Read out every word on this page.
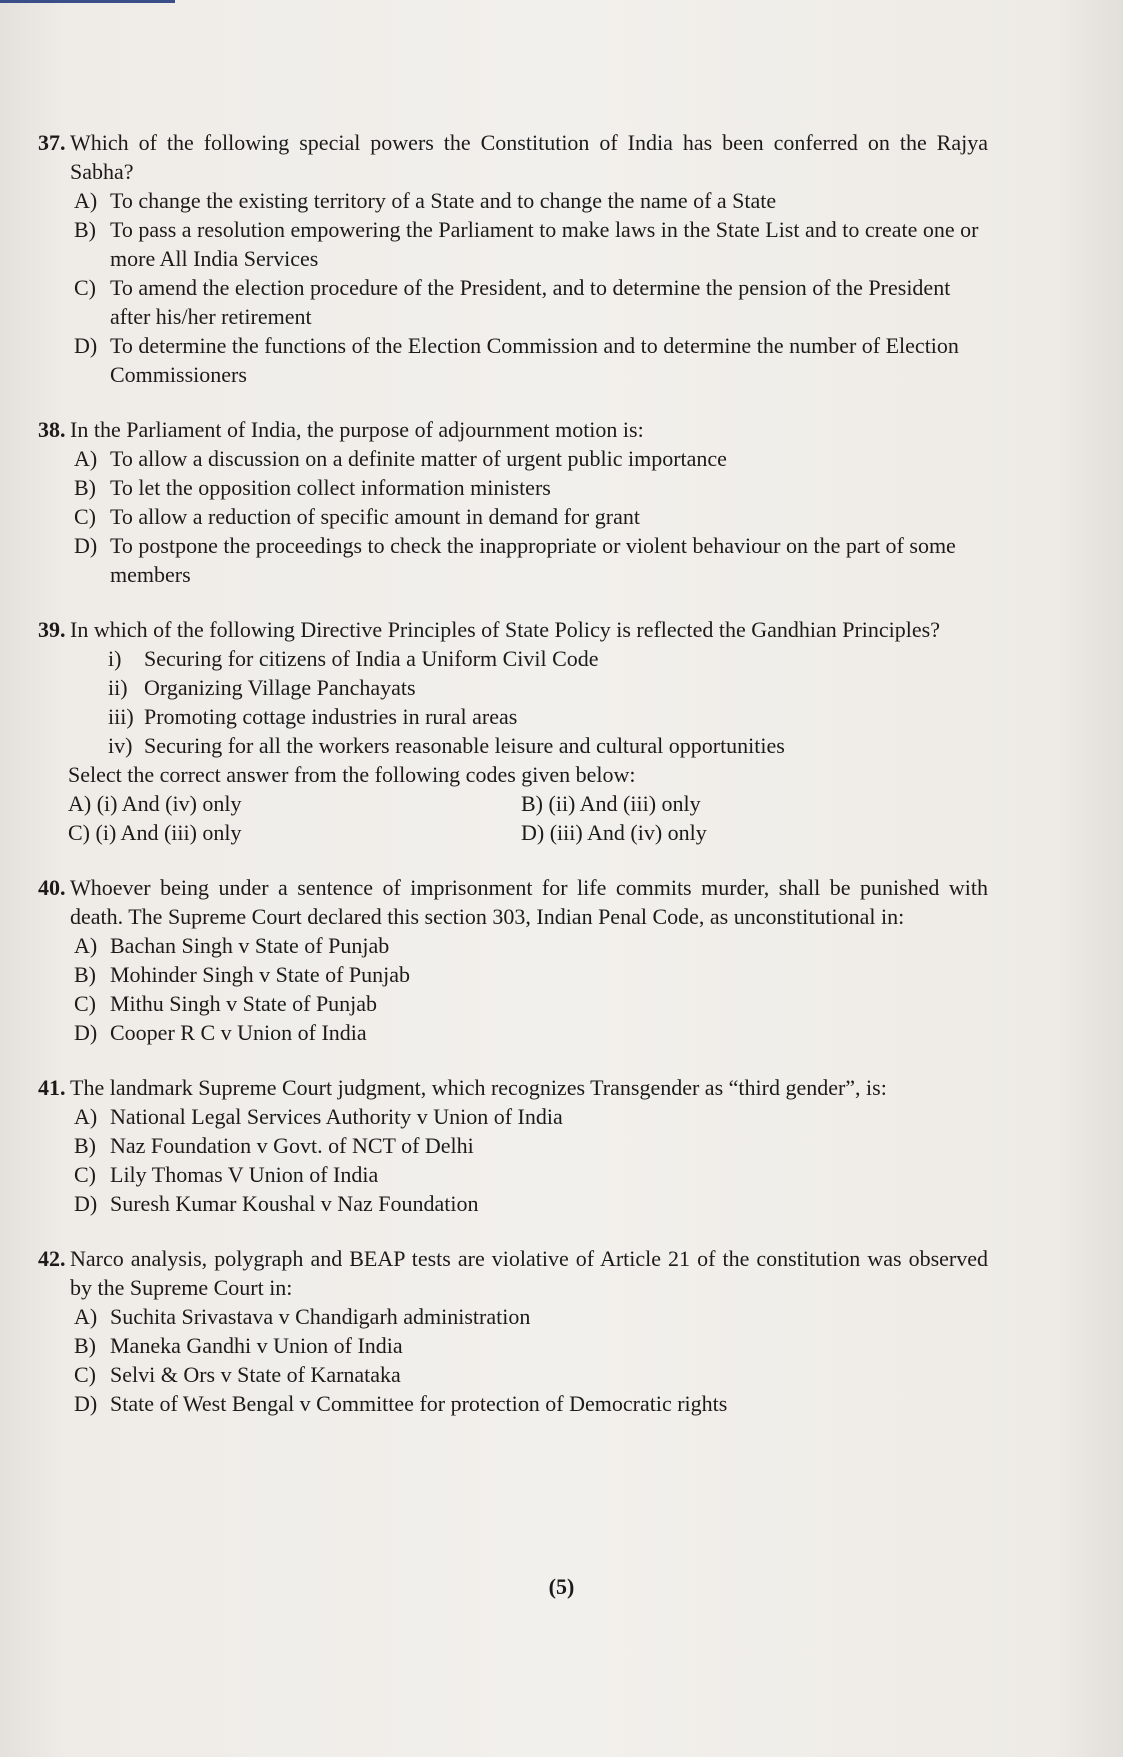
37. Which of the following special powers the Constitution of India has been conferred on the Rajya Sabha?
A) To change the existing territory of a State and to change the name of a State
B) To pass a resolution empowering the Parliament to make laws in the State List and to create one or more All India Services
C) To amend the election procedure of the President, and to determine the pension of the President after his/her retirement
D) To determine the functions of the Election Commission and to determine the number of Election Commissioners
38. In the Parliament of India, the purpose of adjournment motion is:
A) To allow a discussion on a definite matter of urgent public importance
B) To let the opposition collect information ministers
C) To allow a reduction of specific amount in demand for grant
D) To postpone the proceedings to check the inappropriate or violent behaviour on the part of some members
39. In which of the following Directive Principles of State Policy is reflected the Gandhian Principles?
i)	Securing for citizens of India a Uniform Civil Code
ii) Organizing Village Panchayats
iii) Promoting cottage industries in rural areas
iv) Securing for all the workers reasonable leisure and cultural opportunities
Select the correct answer from the following codes given below:
A) (i) And (iv) only	B) (ii) And (iii) only
C) (i) And (iii) only	D) (iii) And (iv) only
40. Whoever being under a sentence of imprisonment for life commits murder, shall be punished with death. The Supreme Court declared this section 303, Indian Penal Code, as unconstitutional in:
A) Bachan Singh v State of Punjab
B) Mohinder Singh v State of Punjab
C) Mithu Singh v State of Punjab
D) Cooper R C v Union of India
41. The landmark Supreme Court judgment, which recognizes Transgender as “third gender”, is:
A) National Legal Services Authority v Union of India
B) Naz Foundation v Govt. of NCT of Delhi
C) Lily Thomas V Union of India
D) Suresh Kumar Koushal v Naz Foundation
42. Narco analysis, polygraph and BEAP tests are violative of Article 21 of the constitution was observed by the Supreme Court in:
A) Suchita Srivastava v Chandigarh administration
B) Maneka Gandhi v Union of India
C) Selvi & Ors v State of Karnataka
D) State of West Bengal v Committee for protection of Democratic rights
(5)
